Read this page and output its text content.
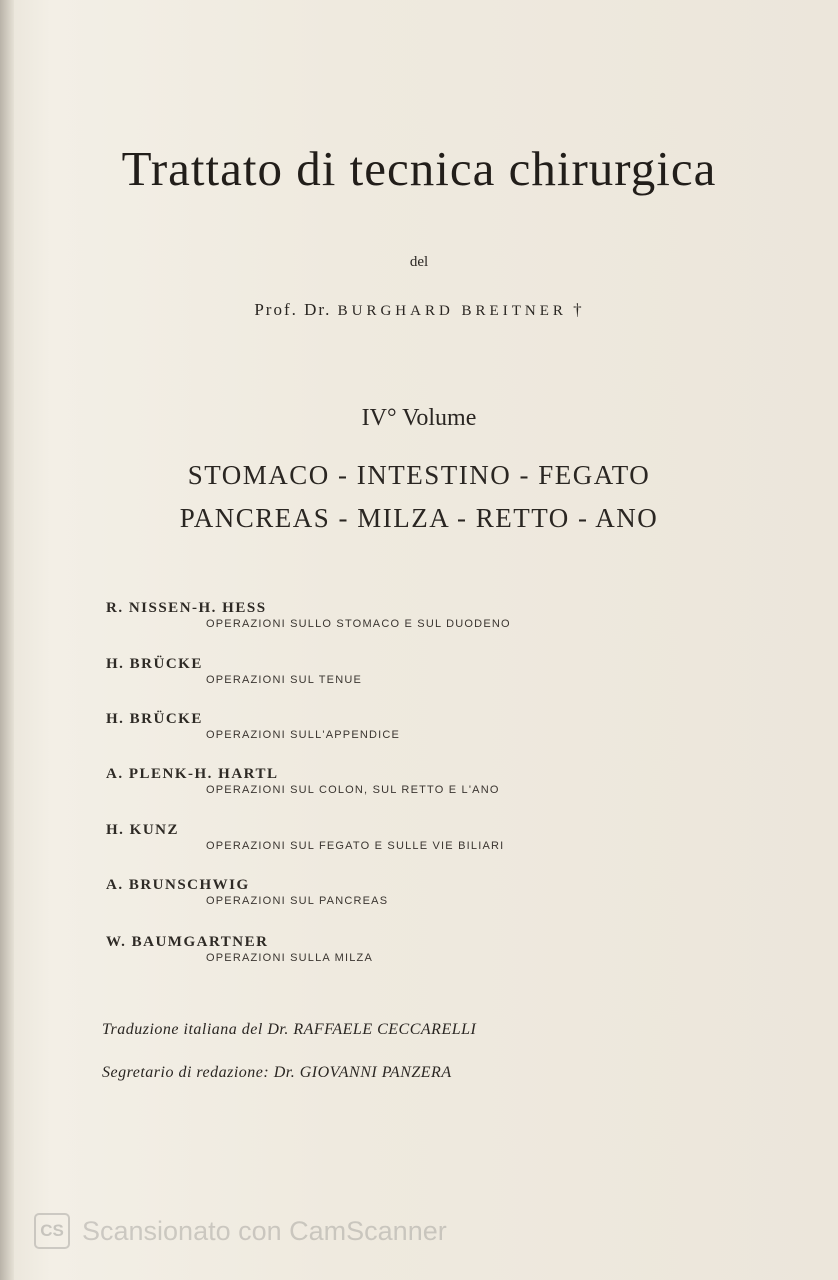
Trattato di tecnica chirurgica
del
Prof. Dr. BURGHARD BREITNER †
IV° Volume
STOMACO - INTESTINO - FEGATO
PANCREAS - MILZA - RETTO - ANO
R. NISSEN-H. HESS
OPERAZIONI SULLO STOMACO E SUL DUODENO
H. BRÜCKE
OPERAZIONI SUL TENUE
H. BRÜCKE
OPERAZIONI SULL'APPENDICE
A. PLENK-H. HARTL
OPERAZIONI SUL COLON, SUL RETTO E L'ANO
H. KUNZ
OPERAZIONI SUL FEGATO E SULLE VIE BILIARI
A. BRUNSCHWIG
OPERAZIONI SUL PANCREAS
W. BAUMGARTNER
OPERAZIONI SULLA MILZA
Traduzione italiana del Dr. RAFFAELE CECCARELLI
Segretario di redazione: Dr. GIOVANNI PANZERA
CS Scansionato con CamScanner
